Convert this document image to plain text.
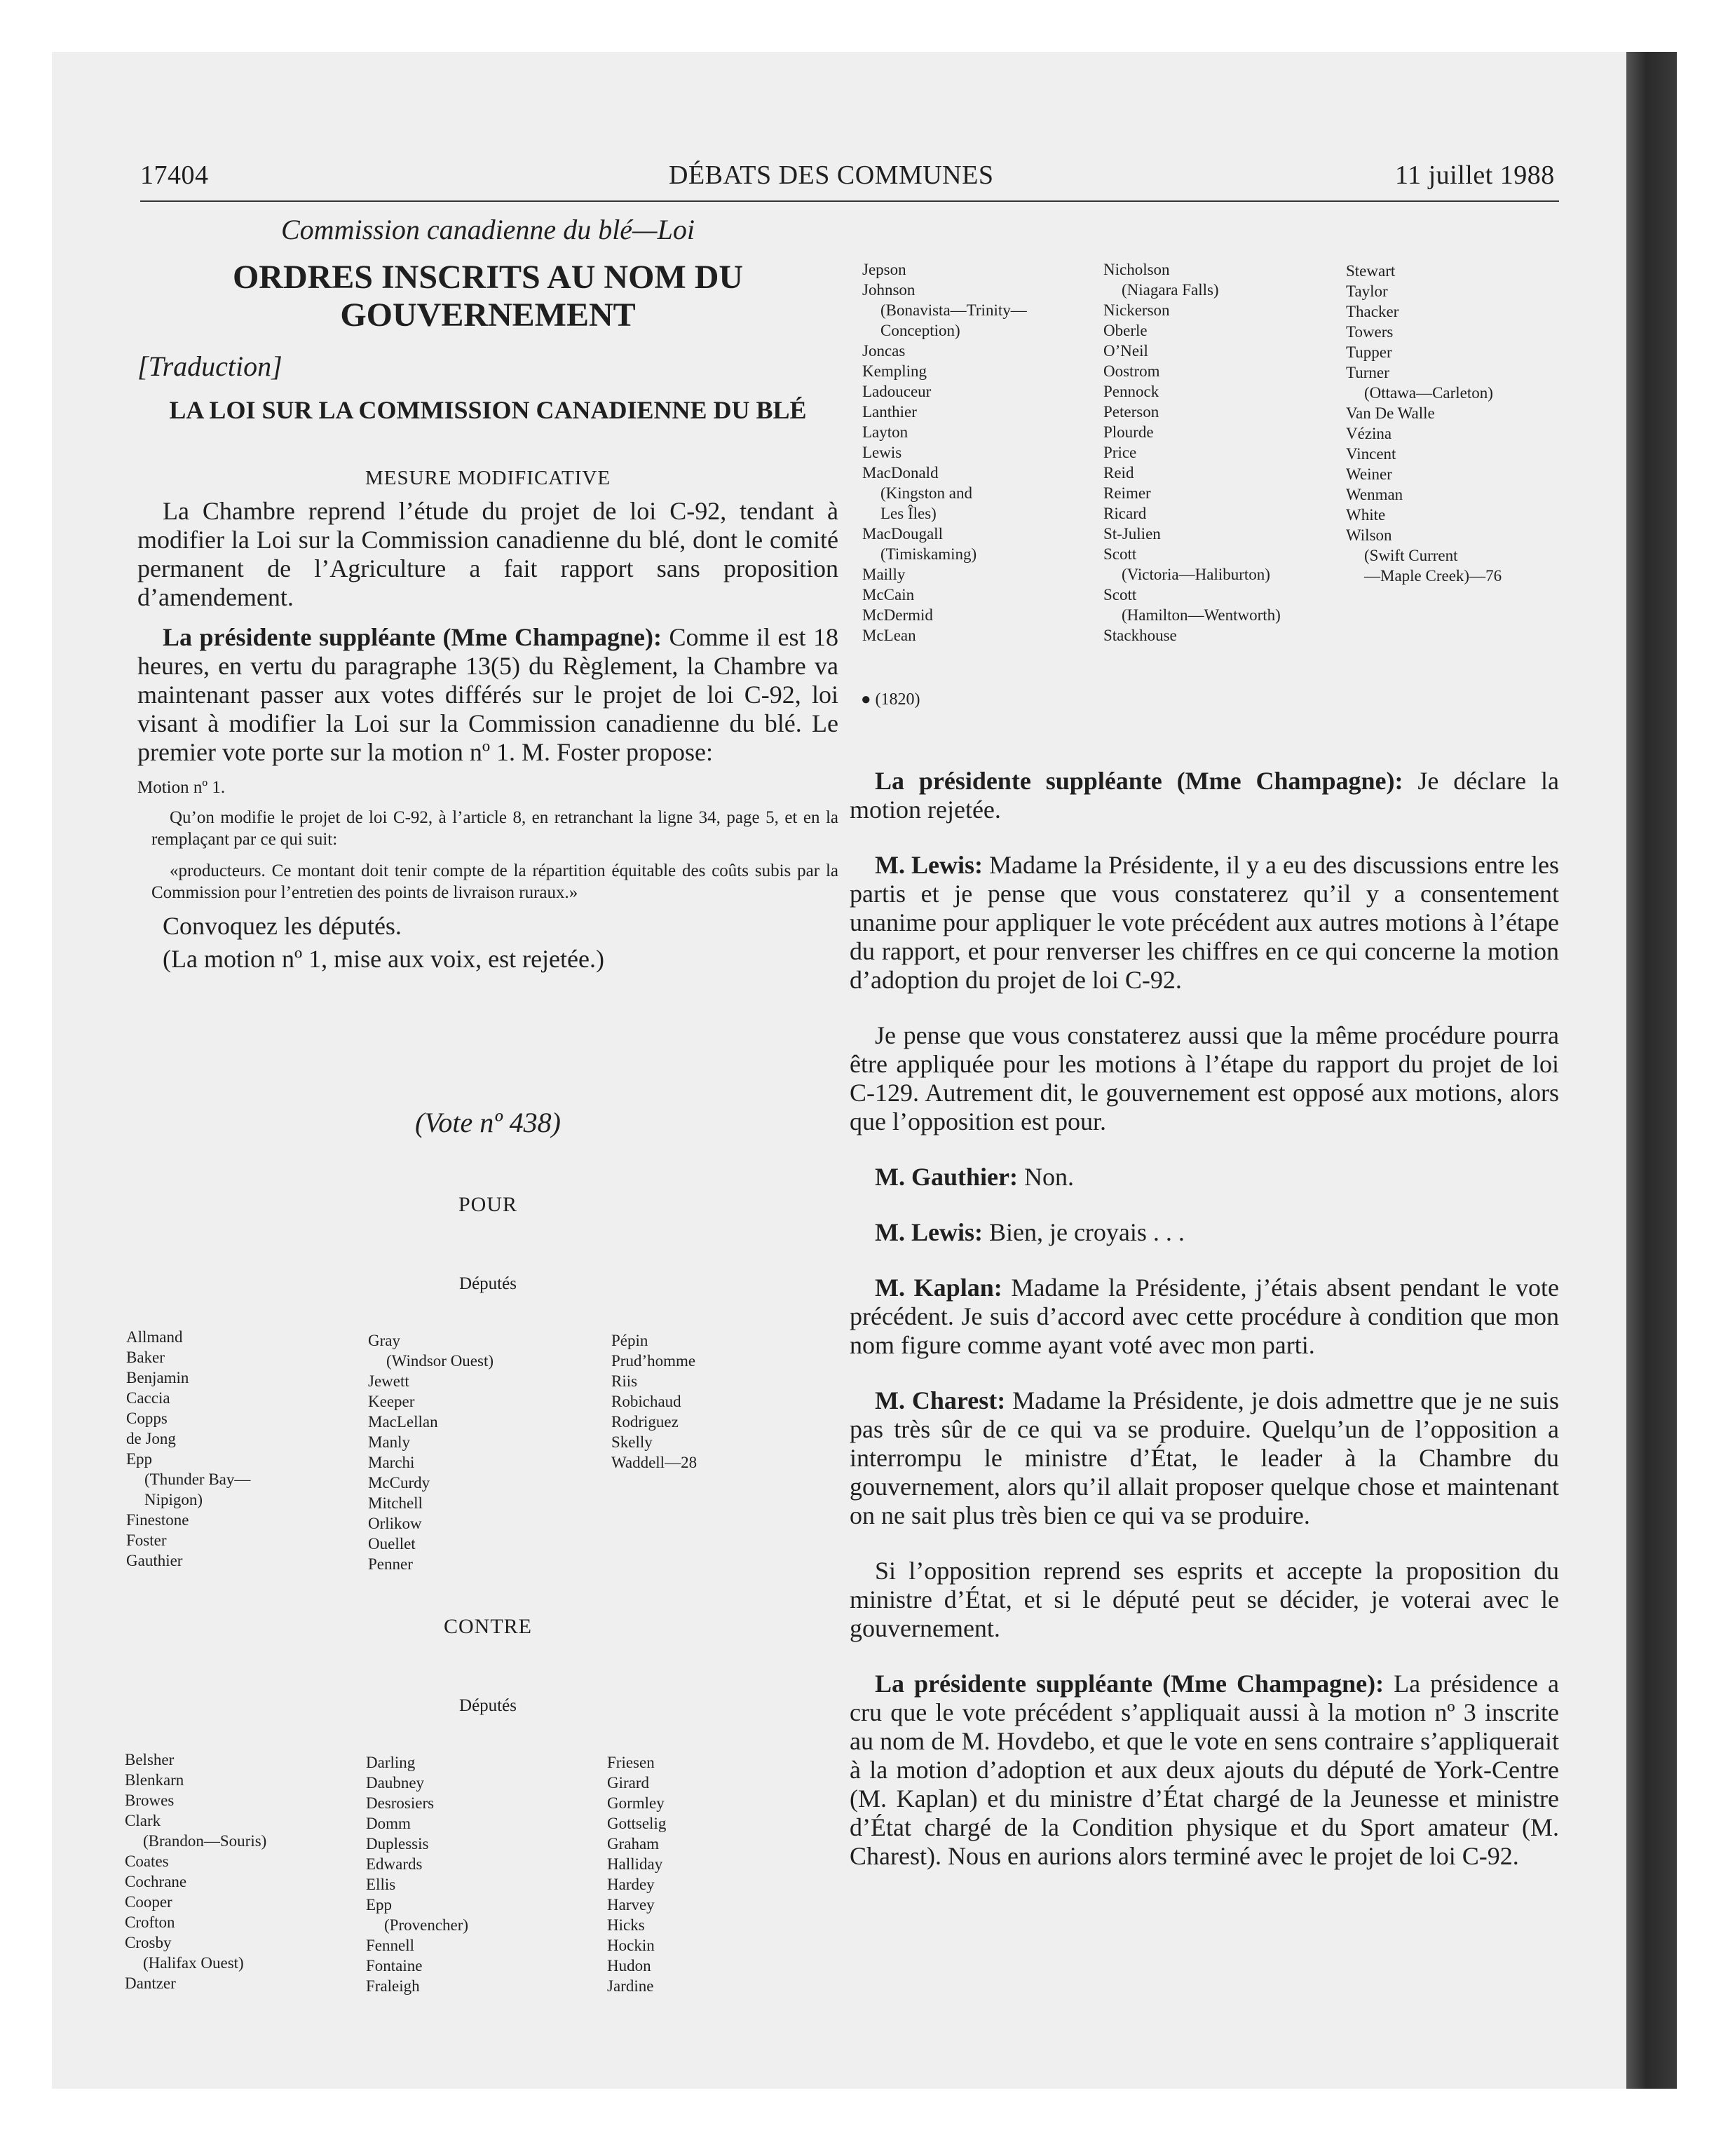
17404	DÉBATS DES COMMUNES	11 juillet 1988
Commission canadienne du blé—Loi
ORDRES INSCRITS AU NOM DU
GOUVERNEMENT
[Traduction]
LA LOI SUR LA COMMISSION CANADIENNE DU BLÉ
MESURE MODIFICATIVE

La Chambre reprend l’étude du projet de loi C-92, tendant à modifier la Loi sur la Commission canadienne du blé, dont le comité permanent de l’Agriculture a fait rapport sans proposition d’amendement.

La présidente suppléante (Mme Champagne): Comme il est 18 heures, en vertu du paragraphe 13(5) du Règlement, la Chambre va maintenant passer aux votes différés sur le projet de loi C-92, loi visant à modifier la Loi sur la Commission canadienne du blé. Le premier vote porte sur la motion nº 1. M. Foster propose:

Motion nº 1.
Qu’on modifie le projet de loi C-92, à l’article 8, en retranchant la ligne 34, page 5, et en la remplaçant par ce qui suit:
«producteurs. Ce montant doit tenir compte de la répartition équitable des coûts subis par la Commission pour l’entretien des points de livraison ruraux.»

Convoquez les députés.

(La motion nº 1, mise aux voix, est rejetée.)

(Vote nº 438)
POUR
Députés
Allmand
Baker
Benjamin
Caccia
Copps
de Jong
Epp
(Thunder Bay—
Nipigon)
Finestone
Foster
Gauthier
Gray
(Windsor Ouest)
Jewett
Keeper
MacLellan
Manly
Marchi
McCurdy
Mitchell
Orlikow
Ouellet
Penner
Pépin
Prud’homme
Riis
Robichaud
Rodriguez
Skelly
Waddell—28
CONTRE
Députés
Belsher
Blenkarn
Browes
Clark
(Brandon—Souris)
Coates
Cochrane
Cooper
Crofton
Crosby
(Halifax Ouest)
Dantzer
Darling
Daubney
Desrosiers
Domm
Duplessis
Edwards
Ellis
Epp
(Provencher)
Fennell
Fontaine
Fraleigh
Friesen
Girard
Gormley
Gottselig
Graham
Halliday
Hardey
Harvey
Hicks
Hockin
Hudon
Jardine
Jepson
Johnson
(Bonavista—Trinity—
Conception)
Joncas
Kempling
Ladouceur
Lanthier
Layton
Lewis
MacDonald
(Kingston and
Les Îles)
MacDougall
(Timiskaming)
Mailly
McCain
McDermid
McLean
Nicholson
(Niagara Falls)
Nickerson
Oberle
O’Neil
Oostrom
Pennock
Peterson
Plourde
Price
Reid
Reimer
Ricard
St-Julien
Scott
(Victoria—Haliburton)
Scott
(Hamilton—Wentworth)
Stackhouse
Stewart
Taylor
Thacker
Towers
Tupper
Turner
(Ottawa—Carleton)
Van De Walle
Vézina
Vincent
Weiner
Wenman
White
Wilson
(Swift Current
—Maple Creek)—76
● (1820)

La présidente suppléante (Mme Champagne): Je déclare la motion rejetée.

M. Lewis: Madame la Présidente, il y a eu des discussions entre les partis et je pense que vous constaterez qu’il y a consentement unanime pour appliquer le vote précédent aux autres motions à l’étape du rapport, et pour renverser les chiffres en ce qui concerne la motion d’adoption du projet de loi C-92.

Je pense que vous constaterez aussi que la même procédure pourra être appliquée pour les motions à l’étape du rapport du projet de loi C-129. Autrement dit, le gouvernement est opposé aux motions, alors que l’opposition est pour.

M. Gauthier: Non.

M. Lewis: Bien, je croyais . . .

M. Kaplan: Madame la Présidente, j’étais absent pendant le vote précédent. Je suis d’accord avec cette procédure à condition que mon nom figure comme ayant voté avec mon parti.

M. Charest: Madame la Présidente, je dois admettre que je ne suis pas très sûr de ce qui va se produire. Quelqu’un de l’opposition a interrompu le ministre d’État, le leader à la Chambre du gouvernement, alors qu’il allait proposer quelque chose et maintenant on ne sait plus très bien ce qui va se produire.

Si l’opposition reprend ses esprits et accepte la proposition du ministre d’État, et si le député peut se décider, je voterai avec le gouvernement.

La présidente suppléante (Mme Champagne): La présidence a cru que le vote précédent s’appliquait aussi à la motion nº 3 inscrite au nom de M. Hovdebo, et que le vote en sens contraire s’appliquerait à la motion d’adoption et aux deux ajouts du député de York-Centre (M. Kaplan) et du ministre d’État chargé de la Jeunesse et ministre d’État chargé de la Condition physique et du Sport amateur (M. Charest). Nous en aurions alors terminé avec le projet de loi C-92.
